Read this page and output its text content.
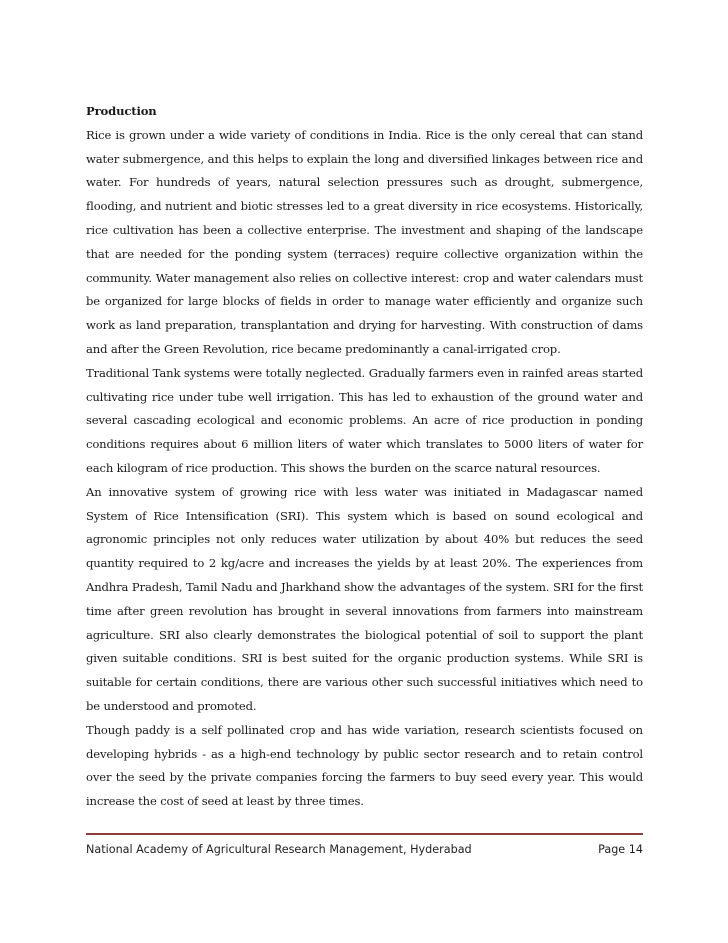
Production

Rice is grown under a wide variety of conditions in India. Rice is the only cereal that can stand water submergence, and this helps to explain the long and diversified linkages between rice and water. For hundreds of years, natural selection pressures such as drought, submergence, flooding, and nutrient and biotic stresses led to a great diversity in rice ecosystems. Historically, rice cultivation has been a collective enterprise. The investment and shaping of the landscape that are needed for the ponding system (terraces) require collective organization within the community. Water management also relies on collective interest: crop and water calendars must be organized for large blocks of fields in order to manage water efficiently and organize such work as land preparation, transplantation and drying for harvesting. With construction of dams and after the Green Revolution, rice became predominantly a canal-irrigated crop.

Traditional Tank systems were totally neglected. Gradually farmers even in rainfed areas started cultivating rice under tube well irrigation. This has led to exhaustion of the ground water and several cascading ecological and economic problems. An acre of rice production in ponding conditions requires about 6 million liters of water which translates to 5000 liters of water for each kilogram of rice production. This shows the burden on the scarce natural resources.

An innovative system of growing rice with less water was initiated in Madagascar named System of Rice Intensification (SRI). This system which is based on sound ecological and agronomic principles not only reduces water utilization by about 40% but reduces the seed quantity required to 2 kg/acre and increases the yields by at least 20%. The experiences from Andhra Pradesh, Tamil Nadu and Jharkhand show the advantages of the system. SRI for the first time after green revolution has brought in several innovations from farmers into mainstream agriculture. SRI also clearly demonstrates the biological potential of soil to support the plant given suitable conditions. SRI is best suited for the organic production systems. While SRI is suitable for certain conditions, there are various other such successful initiatives which need to be understood and promoted.

Though paddy is a self pollinated crop and has wide variation, research scientists focused on developing hybrids - as a high-end technology by public sector research and to retain control over the seed by the private companies forcing the farmers to buy seed every year. This would increase the cost of seed at least by three times.

National Academy of Agricultural Research Management, Hyderabad	Page 14
